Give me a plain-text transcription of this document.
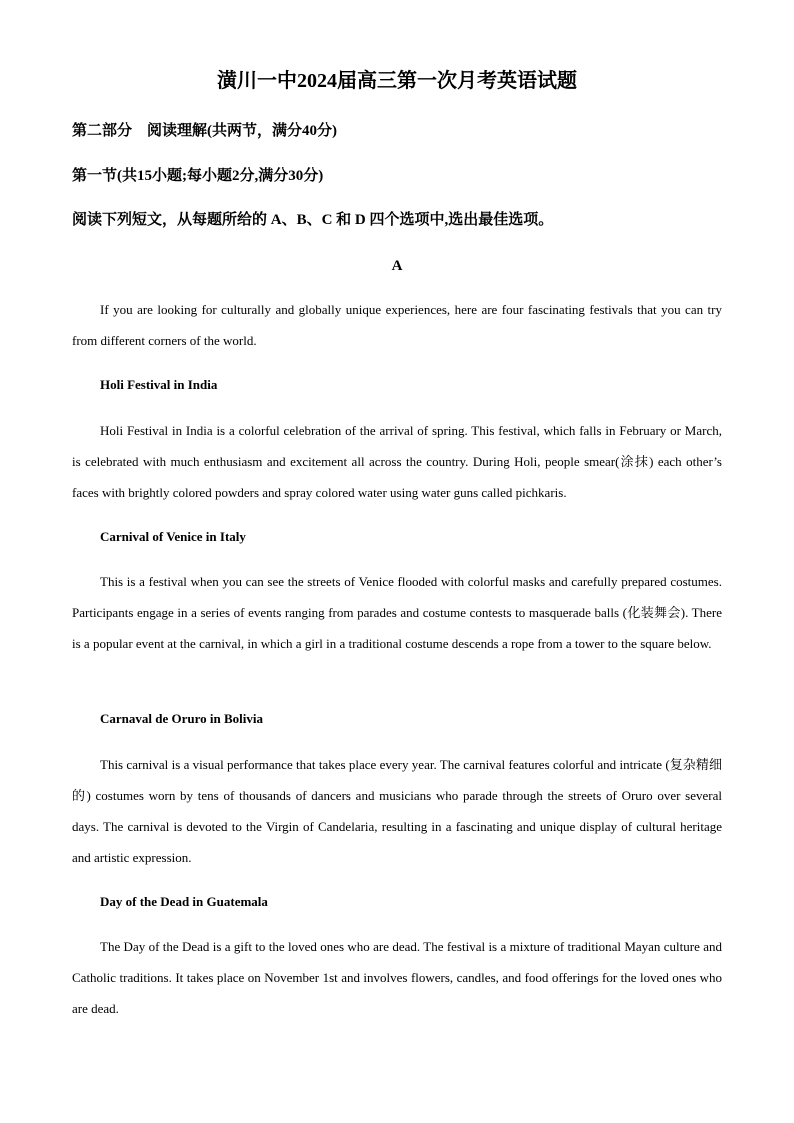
潢川一中2024届高三第一次月考英语试题
第二部分　阅读理解(共两节，满分40分)
第一节(共15小题;每小题2分,满分30分)
阅读下列短文，从每题所给的 A、B、C 和 D 四个选项中,选出最佳选项。
A

If you are looking for culturally and globally unique experiences, here are four fascinating festivals that you can try from different corners of the world.

Holi Festival in India

Holi Festival in India is a colorful celebration of the arrival of spring. This festival, which falls in February or March, is celebrated with much enthusiasm and excitement all across the country. During Holi, people smear(涂抹) each other’s faces with brightly colored powders and spray colored water using water guns called pichkaris.

Carnival of Venice in Italy

This is a festival when you can see the streets of Venice flooded with colorful masks and carefully prepared costumes. Participants engage in a series of events ranging from parades and costume contests to masquerade balls (化装舞会). There is a popular event at the carnival, in which a girl in a traditional costume descends a rope from a tower to the square below.

Carnaval de Oruro in Bolivia

This carnival is a visual performance that takes place every year. The carnival features colorful and intricate (复杂精细的) costumes worn by tens of thousands of dancers and musicians who parade through the streets of Oruro over several days. The carnival is devoted to the Virgin of Candelaria, resulting in a fascinating and unique display of cultural heritage and artistic expression.

Day of the Dead in Guatemala

The Day of the Dead is a gift to the loved ones who are dead. The festival is a mixture of traditional Mayan culture and Catholic traditions. It takes place on November 1st and involves flowers, candles, and food offerings for the loved ones who are dead.
